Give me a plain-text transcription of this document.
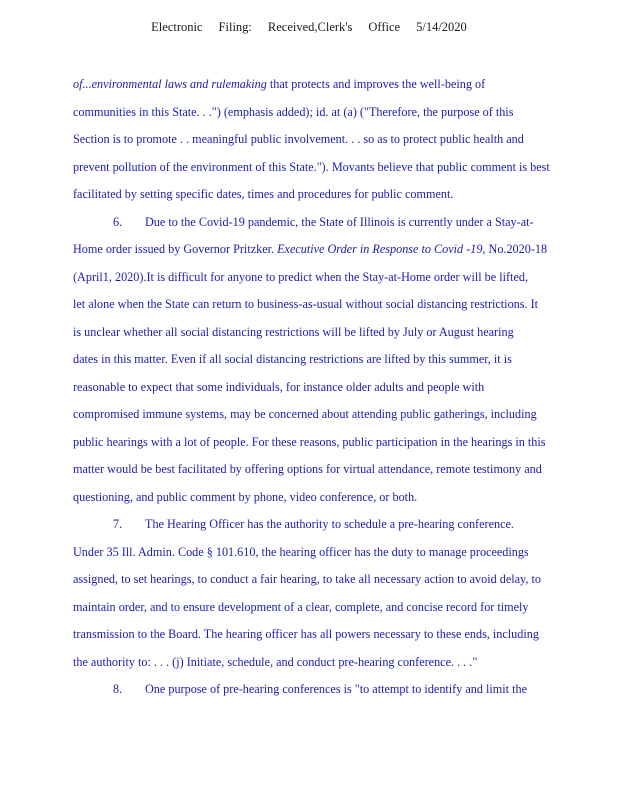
Electronic Filing: Received,Clerk's Office 5/14/2020
of...environmental laws and rulemaking that protects and improves the well-being of
communities in this State. . .") (emphasis added); id. at (a) ("Therefore, the purpose of this
Section is to promote . . meaningful public involvement. . . so as to protect public health and
prevent pollution of the environment of this State."). Movants believe that public comment is best
facilitated by setting specific dates, times and procedures for public comment.
6. Due to the Covid-19 pandemic, the State of Illinois is currently under a Stay-at-
Home order issued by Governor Pritzker. Executive Order in Response to Covid -19, No.2020-18
(April1, 2020).It is difficult for anyone to predict when the Stay-at-Home order will be lifted,
let alone when the State can return to business-as-usual without social distancing restrictions. It
is unclear whether all social distancing restrictions will be lifted by July or August hearing
dates in this matter. Even if all social distancing restrictions are lifted by this summer, it is
reasonable to expect that some individuals, for instance older adults and people with
compromised immune systems, may be concerned about attending public gatherings, including
public hearings with a lot of people. For these reasons, public participation in the hearings in this
matter would be best facilitated by offering options for virtual attendance, remote testimony and
questioning, and public comment by phone, video conference, or both.
7. The Hearing Officer has the authority to schedule a pre-hearing conference.
Under 35 Ill. Admin. Code § 101.610, the hearing officer has the duty to manage proceedings
assigned, to set hearings, to conduct a fair hearing, to take all necessary action to avoid delay, to
maintain order, and to ensure development of a clear, complete, and concise record for timely
transmission to the Board. The hearing officer has all powers necessary to these ends, including
the authority to: . . . (j) Initiate, schedule, and conduct pre-hearing conference. . . ."
8. One purpose of pre-hearing conferences is "to attempt to identify and limit the
